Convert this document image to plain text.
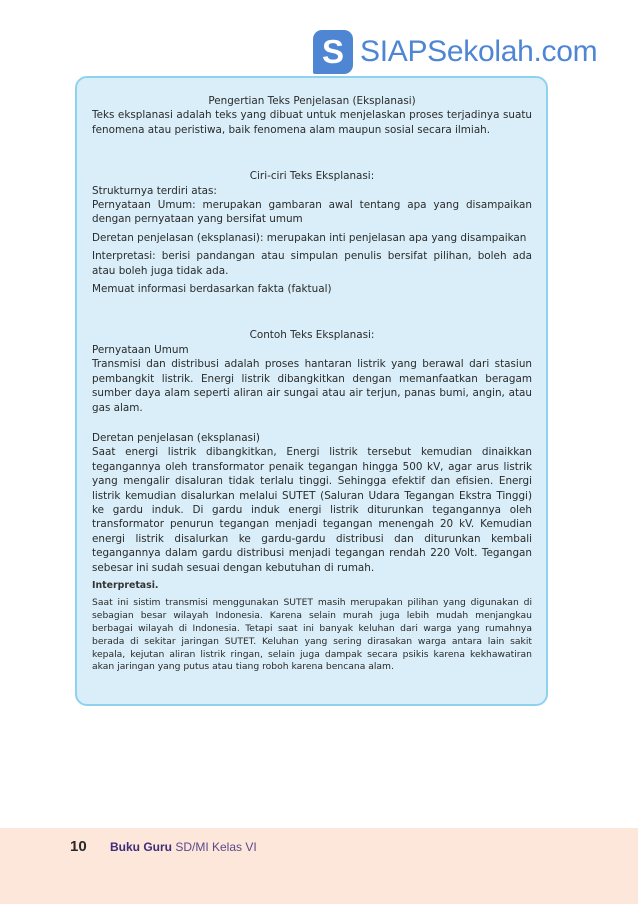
S SIAPSekolah.com

Pengertian Teks Penjelasan (Eksplanasi)

Teks eksplanasi adalah teks yang dibuat untuk menjelaskan proses terjadinya suatu fenomena atau peristiwa, baik fenomena alam maupun sosial secara ilmiah.

Ciri-ciri Teks Eksplanasi:

Strukturnya terdiri atas:

Pernyataan Umum: merupakan gambaran awal tentang apa yang disampaikan dengan pernyataan yang bersifat umum

Deretan penjelasan (eksplanasi): merupakan inti penjelasan apa yang disampaikan

Interpretasi: berisi pandangan atau simpulan penulis bersifat pilihan, boleh ada atau boleh juga tidak ada.

Memuat informasi berdasarkan fakta (faktual)

Contoh Teks Eksplanasi:

Pernyataan Umum

Transmisi dan distribusi adalah proses hantaran listrik yang berawal dari stasiun pembangkit listrik. Energi listrik dibangkitkan dengan memanfaatkan beragam sumber daya alam seperti aliran air sungai atau air terjun, panas bumi, angin, atau gas alam.

Deretan penjelasan (eksplanasi)

Saat energi listrik dibangkitkan, Energi listrik tersebut kemudian dinaikkan tegangannya oleh transformator penaik tegangan hingga 500 kV, agar arus listrik yang mengalir disaluran tidak terlalu tinggi. Sehingga efektif dan efisien. Energi listrik kemudian disalurkan melalui SUTET (Saluran Udara Tegangan Ekstra Tinggi) ke gardu induk. Di gardu induk energi listrik diturunkan tegangannya oleh transformator penurun tegangan menjadi tegangan menengah 20 kV. Kemudian energi listrik disalurkan ke gardu-gardu distribusi dan diturunkan kembali tegangannya dalam gardu distribusi menjadi tegangan rendah 220 Volt. Tegangan sebesar ini sudah sesuai dengan kebutuhan di rumah.

Interpretasi.

Saat ini sistim transmisi menggunakan SUTET masih merupakan pilihan yang digunakan di sebagian besar wilayah Indonesia. Karena selain murah juga lebih mudah menjangkau berbagai wilayah di Indonesia. Tetapi saat ini banyak keluhan dari warga yang rumahnya berada di sekitar jaringan SUTET. Keluhan yang sering dirasakan warga antara lain sakit kepala, kejutan aliran listrik ringan, selain juga dampak secara psikis karena kekhawatiran akan jaringan yang putus atau tiang roboh karena bencana alam.

10 Buku Guru SD/MI Kelas VI
